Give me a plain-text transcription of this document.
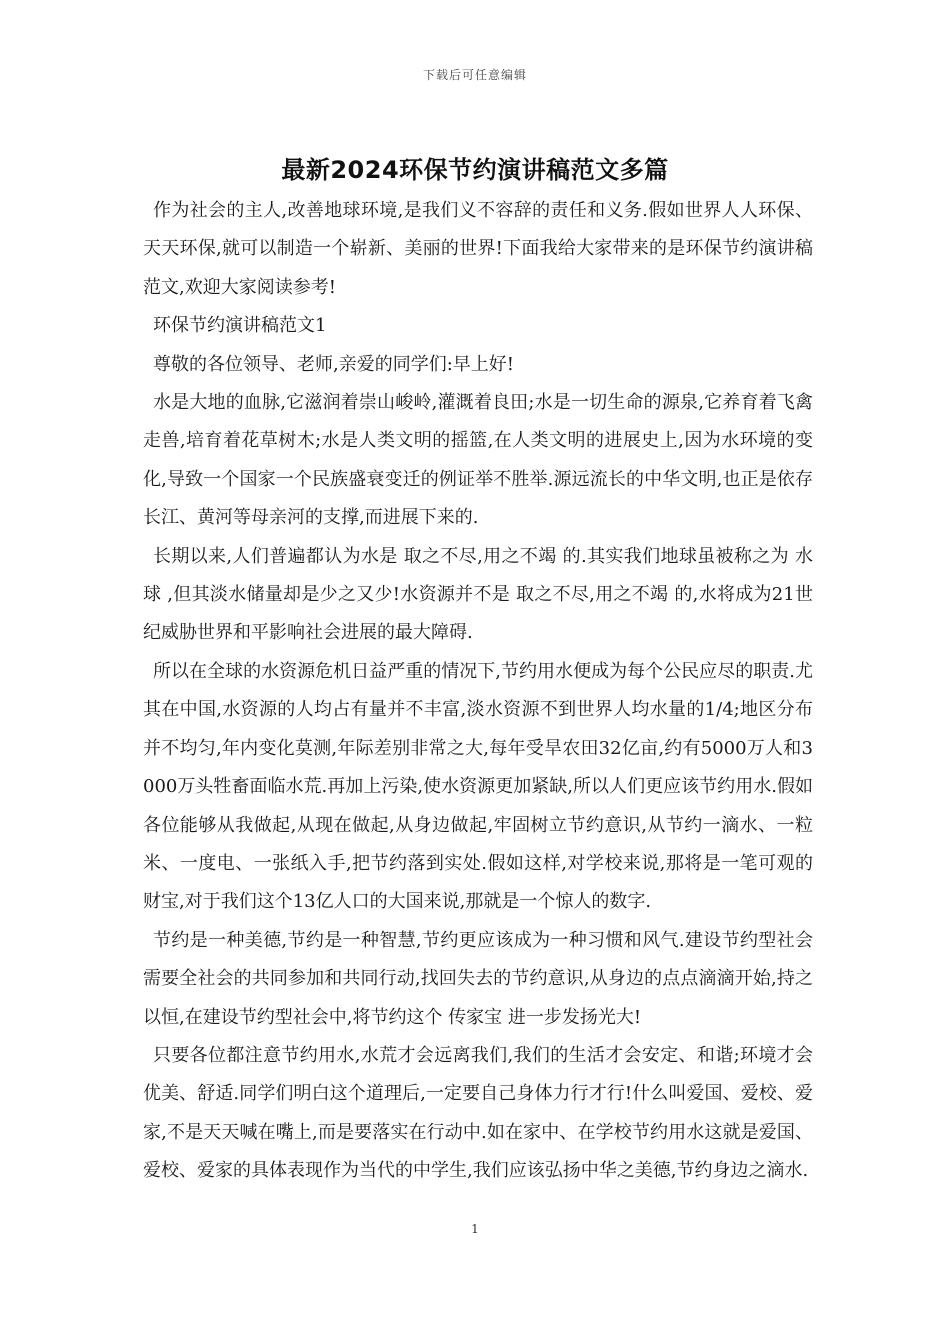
下载后可任意编辑
最新2024环保节约演讲稿范文多篇

作为社会的主人,改善地球环境,是我们义不容辞的责任和义务.假如世界人人环保、天天环保,就可以制造一个崭新、美丽的世界!下面我给大家带来的是环保节约演讲稿范文,欢迎大家阅读参考!

环保节约演讲稿范文1

尊敬的各位领导、老师,亲爱的同学们:早上好!

水是大地的血脉,它滋润着崇山峻岭,灌溉着良田;水是一切生命的源泉,它养育着飞禽走兽,培育着花草树木;水是人类文明的摇篮,在人类文明的进展史上,因为水环境的变化,导致一个国家一个民族盛衰变迁的例证举不胜举.源远流长的中华文明,也正是依存长江、黄河等母亲河的支撑,而进展下来的.

长期以来,人们普遍都认为水是 取之不尽,用之不竭 的.其实我们地球虽被称之为 水球 ,但其淡水储量却是少之又少!水资源并不是 取之不尽,用之不竭 的,水将成为21世纪威胁世界和平影响社会进展的最大障碍.

所以在全球的水资源危机日益严重的情况下,节约用水便成为每个公民应尽的职责.尤其在中国,水资源的人均占有量并不丰富,淡水资源不到世界人均水量的1/4;地区分布并不均匀,年内变化莫测,年际差别非常之大,每年受旱农田32亿亩,约有5000万人和3000万头牲畜面临水荒.再加上污染,使水资源更加紧缺,所以人们更应该节约用水.假如各位能够从我做起,从现在做起,从身边做起,牢固树立节约意识,从节约一滴水、一粒米、一度电、一张纸入手,把节约落到实处.假如这样,对学校来说,那将是一笔可观的财宝,对于我们这个13亿人口的大国来说,那就是一个惊人的数字.

节约是一种美德,节约是一种智慧,节约更应该成为一种习惯和风气.建设节约型社会需要全社会的共同参加和共同行动,找回失去的节约意识,从身边的点点滴滴开始,持之以恒,在建设节约型社会中,将节约这个 传家宝 进一步发扬光大!

只要各位都注意节约用水,水荒才会远离我们,我们的生活才会安定、和谐;环境才会优美、舒适.同学们明白这个道理后,一定要自己身体力行才行!什么叫爱国、爱校、爱家,不是天天喊在嘴上,而是要落实在行动中.如在家中、在学校节约用水这就是爱国、爱校、爱家的具体表现作为当代的中学生,我们应该弘扬中华之美德,节约身边之滴水.

1
